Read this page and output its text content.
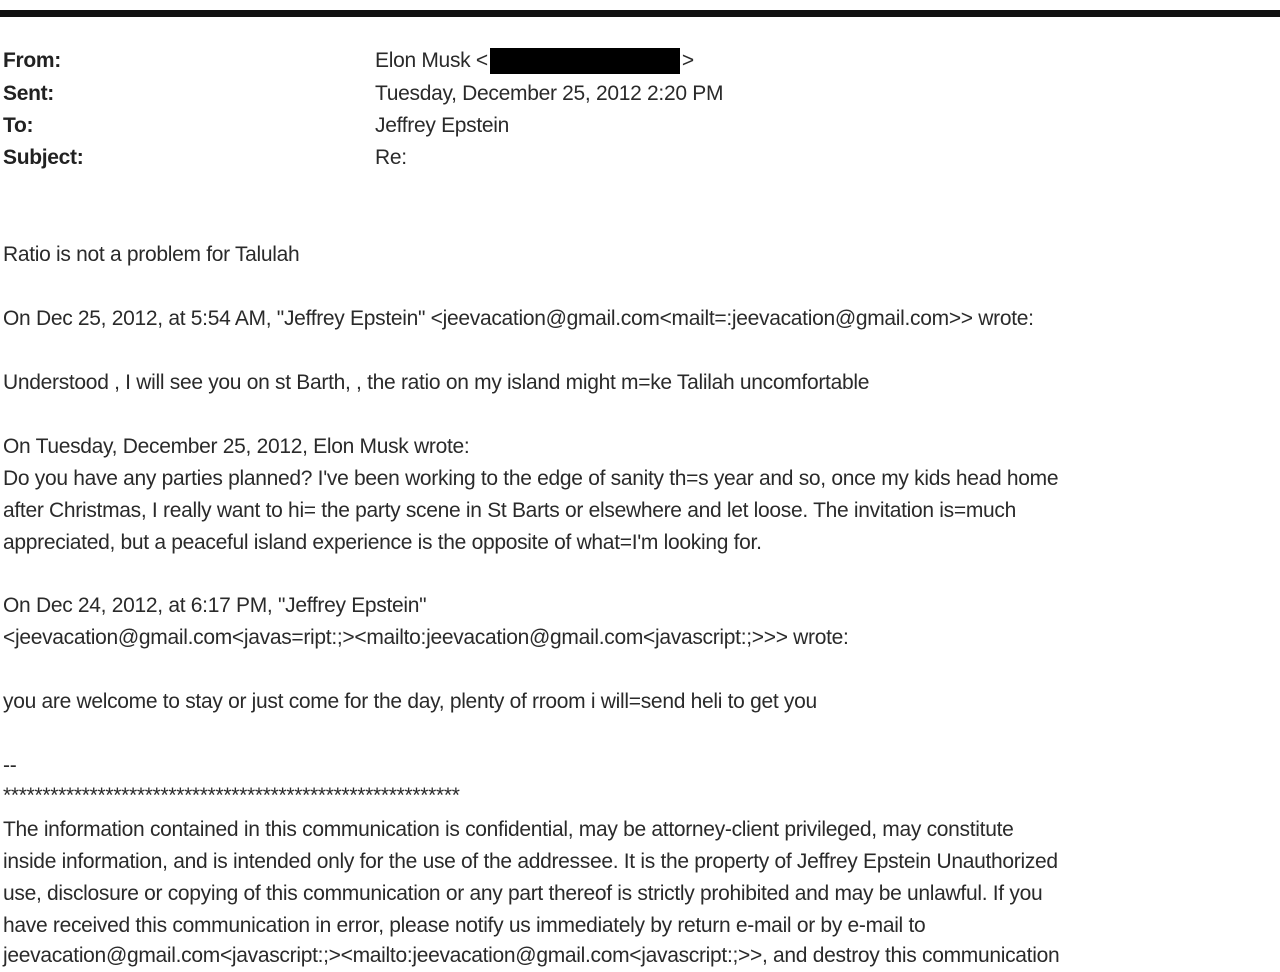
From:	Elon Musk <	>
Sent:	Tuesday, December 25, 2012 2:20 PM
To:	Jeffrey Epstein
Subject:	Re:
Ratio is not a problem for Talulah
On Dec 25, 2012, at 5:54 AM, "Jeffrey Epstein" <jeevacation@gmail.com<mailt=:jeevacation@gmail.com>> wrote:
Understood , I will see you on st Barth, , the ratio on my island might m=ke Talilah uncomfortable
On Tuesday, December 25, 2012, Elon Musk wrote:
Do you have any parties planned? I've been working to the edge of sanity th=s year and so, once my kids head home
after Christmas, I really want to hi= the party scene in St Barts or elsewhere and let loose. The invitation is=much
appreciated, but a peaceful island experience is the opposite of what=I'm looking for.
On Dec 24, 2012, at 6:17 PM, "Jeffrey Epstein"
<jeevacation@gmail.com<javas=ript:;><mailto:jeevacation@gmail.com<javascript:;>>> wrote:
you are welcome to stay or just come for the day, plenty of rroom i will=send heli to get you
--
**********************************************************
The information contained in this communication is confidential, may be attorney-client privileged, may constitute
inside information, and is intended only for the use of the addressee. It is the property of Jeffrey Epstein Unauthorized
use, disclosure or copying of this communication or any part thereof is strictly prohibited and may be unlawful. If you
have received this communication in error, please notify us immediately by return e-mail or by e-mail to
jeevacation@gmail.com<javascript:;><mailto:jeevacation@gmail.com<javascript:;>>, and destroy this communication
